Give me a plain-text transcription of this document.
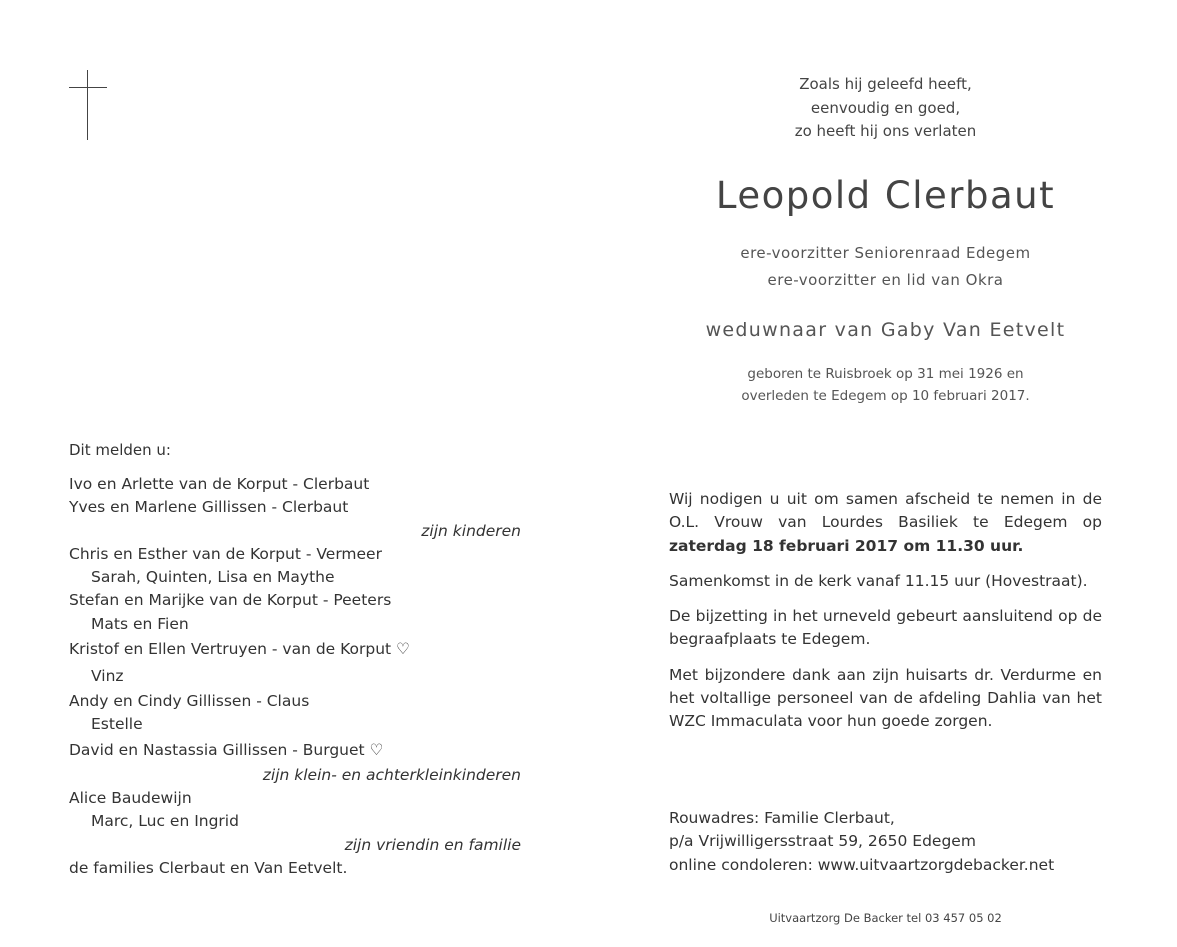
Zoals hij geleefd heeft,
eenvoudig en goed,
zo heeft hij ons verlaten
Leopold Clerbaut
ere-voorzitter Seniorenraad Edegem
ere-voorzitter en lid van Okra
weduwnaar van Gaby Van Eetvelt
geboren te Ruisbroek op 31 mei 1926 en
overleden te Edegem op 10 februari 2017.
Dit melden u:
Ivo en Arlette van de Korput - Clerbaut
Yves en Marlene Gillissen - Clerbaut
zijn kinderen
Chris en Esther van de Korput - Vermeer
Sarah, Quinten, Lisa en Maythe
Stefan en Marijke van de Korput - Peeters
Mats en Fien
Kristof en Ellen Vertruyen - van de Korput ♡
Vinz
Andy en Cindy Gillissen - Claus
Estelle
David en Nastassia Gillissen - Burguet ♡
zijn klein- en achterkleinkinderen
Alice Baudewijn
Marc, Luc en Ingrid
zijn vriendin en familie
de families Clerbaut en Van Eetvelt.

Wij nodigen u uit om samen afscheid te nemen in de O.L. Vrouw van Lourdes Basiliek te Edegem op zaterdag 18 februari 2017 om 11.30 uur.

Samenkomst in de kerk vanaf 11.15 uur (Hovestraat).

De bijzetting in het urneveld gebeurt aansluitend op de begraafplaats te Edegem.

Met bijzondere dank aan zijn huisarts dr. Verdurme en het voltallige personeel van de afdeling Dahlia van het WZC Immaculata voor hun goede zorgen.

Rouwadres: Familie Clerbaut,
p/a Vrijwilligersstraat 59, 2650 Edegem
online condoleren: www.uitvaartzorgdebacker.net
Uitvaartzorg De Backer tel 03 457 05 02
